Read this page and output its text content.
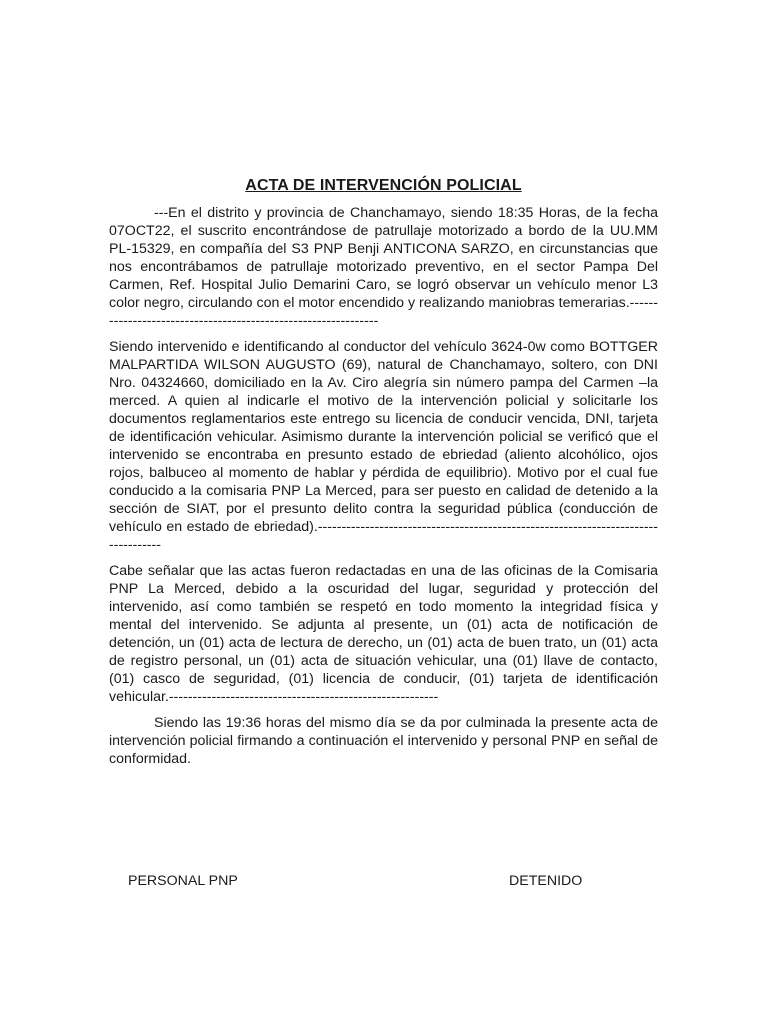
ACTA DE INTERVENCIÓN POLICIAL

---En el distrito y provincia de Chanchamayo, siendo 18:35 Horas, de la fecha 07OCT22, el suscrito encontrándose de patrullaje motorizado a bordo de la UU.MM PL-15329, en compañía del S3 PNP Benji ANTICONA SARZO, en circunstancias que nos encontrábamos de patrullaje motorizado preventivo, en el sector Pampa Del Carmen, Ref. Hospital Julio Demarini Caro, se logró observar un vehículo menor L3 color negro, circulando con el motor encendido y realizando maniobras temerarias.---------------------------------------------------------------

Siendo intervenido e identificando al conductor del vehículo 3624-0w como BOTTGER MALPARTIDA WILSON AUGUSTO (69), natural de Chanchamayo, soltero, con DNI Nro. 04324660, domiciliado en la Av. Ciro alegría sin número pampa del Carmen –la merced. A quien al indicarle el motivo de la intervención policial y solicitarle los documentos reglamentarios este entrego su licencia de conducir vencida, DNI, tarjeta de identificación vehicular. Asimismo durante la intervención policial se verificó que el intervenido se encontraba en presunto estado de ebriedad (aliento alcohólico, ojos rojos, balbuceo al momento de hablar y pérdida de equilibrio). Motivo por el cual fue conducido a la comisaria PNP La Merced, para ser puesto en calidad de detenido a la sección de SIAT, por el presunto delito contra la seguridad pública (conducción de vehículo en estado de ebriedad).-----------------------------------------------------------------------------------

Cabe señalar que las actas fueron redactadas en una de las oficinas de la Comisaria PNP La Merced, debido a la oscuridad del lugar, seguridad y protección del intervenido, así como también se respetó en todo momento la integridad física y mental del intervenido. Se adjunta al presente, un (01) acta de notificación de detención, un (01) acta de lectura de derecho, un (01) acta de buen trato, un (01) acta de registro personal, un (01) acta de situación vehicular, una (01) llave de contacto, (01) casco de seguridad, (01) licencia de conducir, (01) tarjeta de identificación vehicular.---------------------------------------------------------

Siendo las 19:36 horas del mismo día se da por culminada la presente acta de intervención policial firmando a continuación el intervenido y personal PNP en señal de conformidad.

PERSONAL PNP	DETENIDO
